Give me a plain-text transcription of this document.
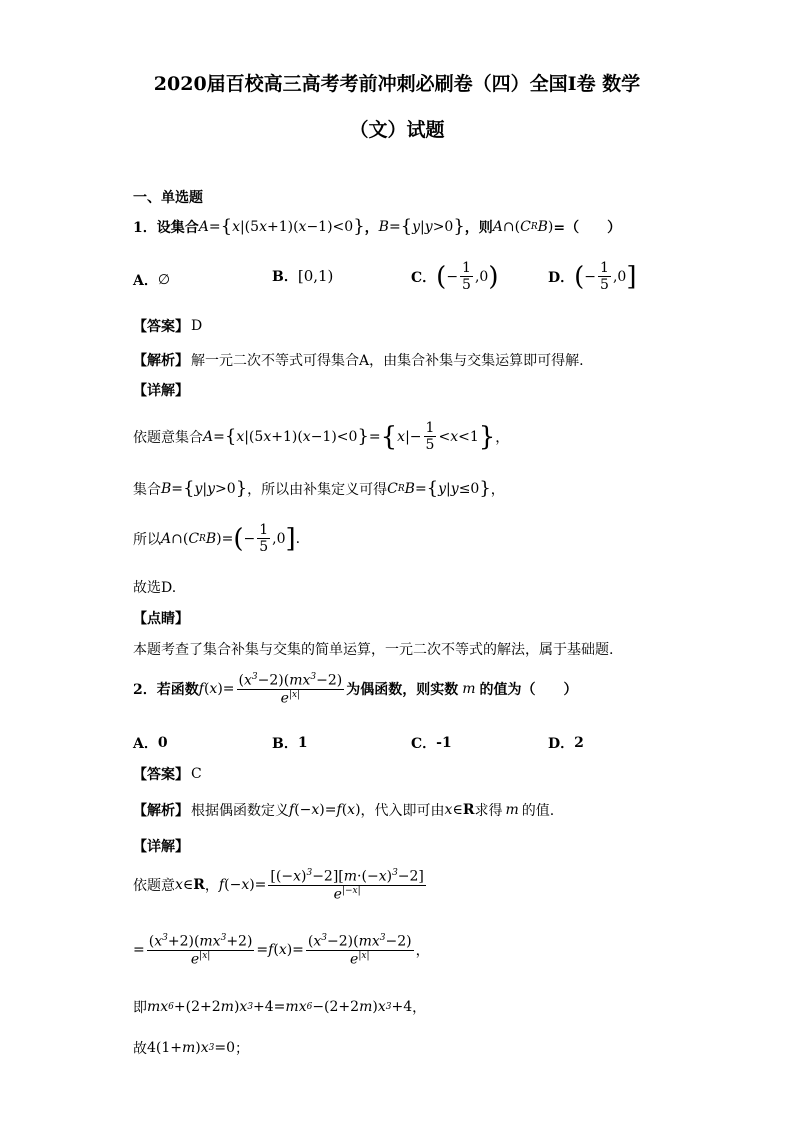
2020届百校高三高考考前冲刺必刷卷（四）全国Ⅰ卷 数学
（文）试题
一、单选题
1． 设集合 A = { x |(5 x +1)( x −1)<0 } ， B = { y | y >0 } ，则 A ∩( C R B ) =（　　）
A． ∅	B． [0,1)	C． ( − $\frac{1}{5} ,0$ )	D． ( − $\frac{1}{5} ,0$ ]
【答案】 D
【解析】 解一元二次不等式可得集合A，由集合补集与交集运算即可得解.
【详解】
依题意集合 A = { x |(5 x +1)( x −1)<0 } = { x |− $\frac{1}{5} < x <1$ } ，
集合 B = { y | y >0 } ，所以由补集定义可得 C R B = { y | y ≤0 } ，
所以 A ∩( C R B )= ( − $\frac{1}{5} ,0$ ] .
故选D.
【点睛】
本题考查了集合补集与交集的简单运算，一元二次不等式的解法，属于基础题.
2． 若函数 f ( x )= $\frac{(x^3-2)(mx^3-2)}{e^{|x|}}$ 为偶函数，则实数 m 的值为（　　）
A． 0	B． 1	C． -1	D． 2
【答案】 C
【解析】 根据偶函数定义 f (− x )= f ( x ) ，代入即可由 x ∈ R 求得 m 的值.
【详解】
依题意 x ∈ R ， f (− x )= $\frac{[(-x)^3-2][m\cdot(-x)^3-2]}{e^{|-x|}}$
= $\frac{(x^3+2)(mx^3+2)}{e^{|x|}} = f$ ( x )= $\frac{(x^3-2)(mx^3-2)}{e^{|x|}}$ ，
即 mx 6 +(2+2 m ) x 3 +4= mx 6 −(2+2 m ) x 3 +4 ，
故 4(1+ m ) x 3 =0 ；
